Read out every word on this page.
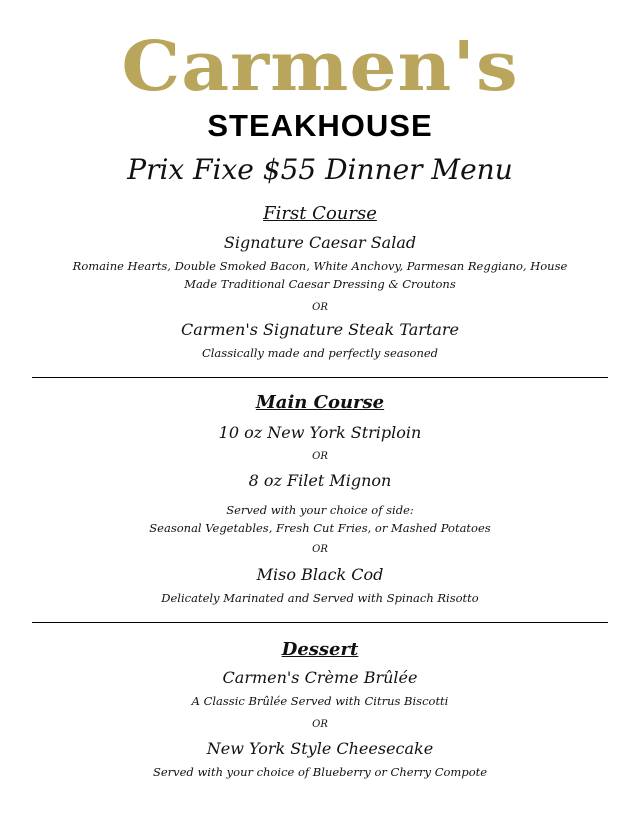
Carmen's
STEAKHOUSE
Prix Fixe $55 Dinner Menu
First Course
Signature Caesar Salad
Romaine Hearts, Double Smoked Bacon, White Anchovy, Parmesan Reggiano, House
Made Traditional Caesar Dressing & Croutons
OR
Carmen's Signature Steak Tartare
Classically made and perfectly seasoned
Main Course
10 oz New York Striploin
OR
8 oz Filet Mignon
Served with your choice of side:
Seasonal Vegetables, Fresh Cut Fries, or Mashed Potatoes
OR
Miso Black Cod
Delicately Marinated and Served with Spinach Risotto
Dessert
Carmen's Crème Brûlée
A Classic Brûlée Served with Citrus Biscotti
OR
New York Style Cheesecake
Served with your choice of Blueberry or Cherry Compote
